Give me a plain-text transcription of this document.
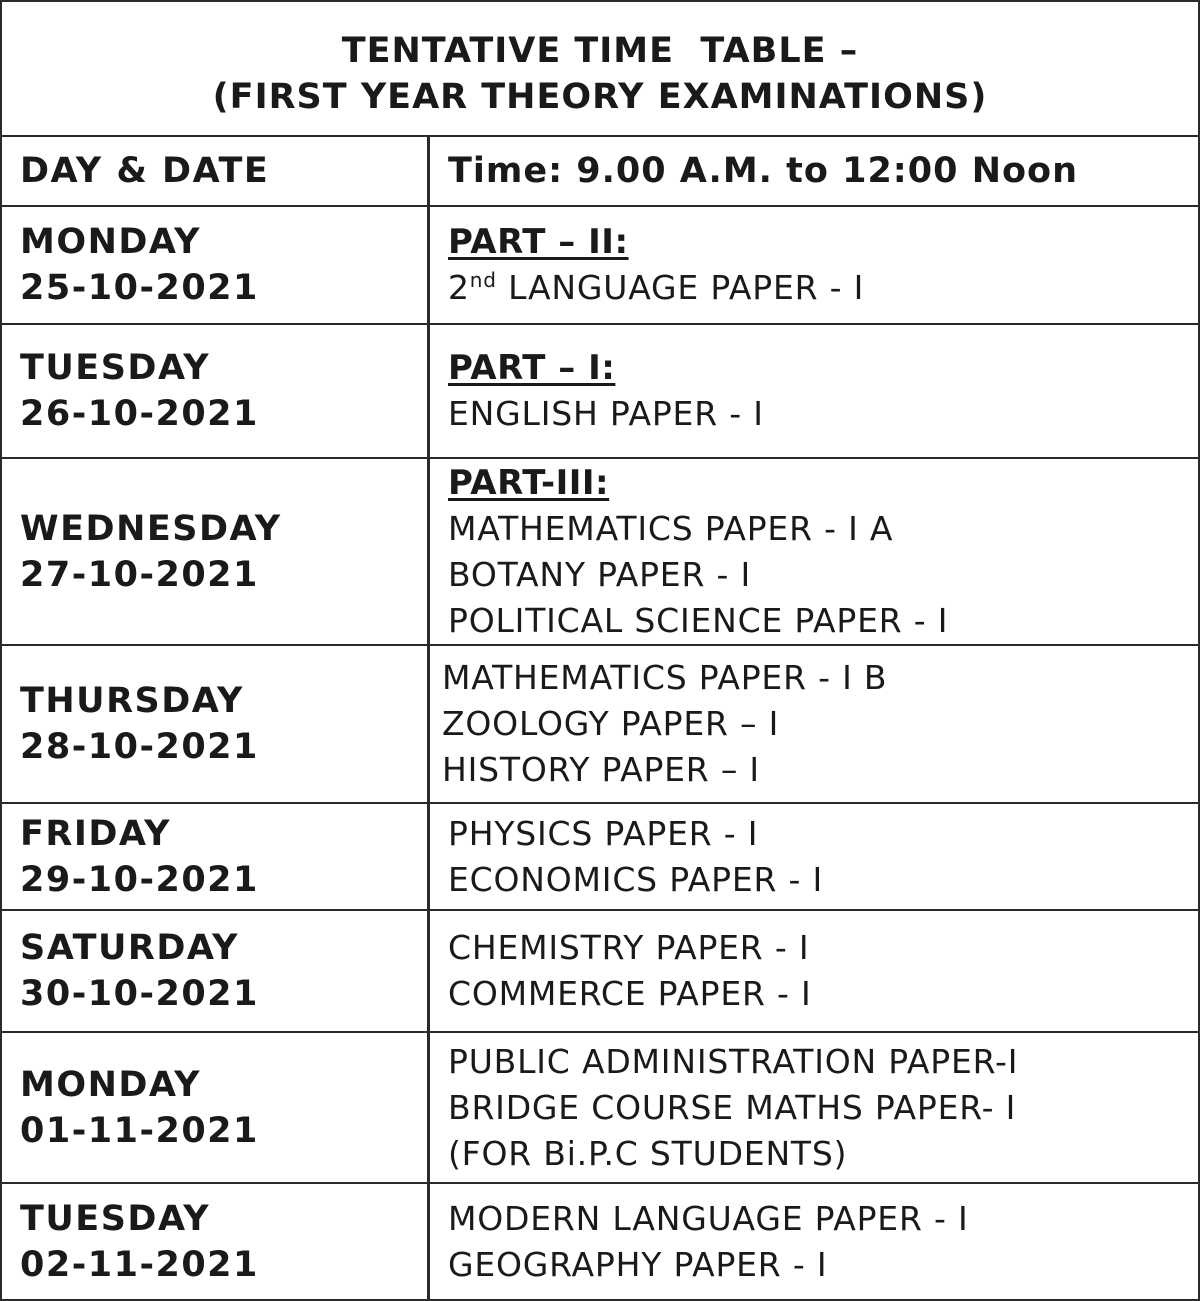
TENTATIVE TIME  TABLE –
(FIRST YEAR THEORY EXAMINATIONS)
DAY & DATE	Time: 9.00 A.M. to 12:00 Noon
MONDAY
25-10-2021
PART – II:
2nd LANGUAGE PAPER - I
TUESDAY
26-10-2021
PART – I:
ENGLISH PAPER - I
WEDNESDAY
27-10-2021
PART-III:
MATHEMATICS PAPER - I A
BOTANY PAPER - I
POLITICAL SCIENCE PAPER - I
THURSDAY
28-10-2021
MATHEMATICS PAPER - I B
ZOOLOGY PAPER – I
HISTORY PAPER – I
FRIDAY
29-10-2021
PHYSICS PAPER - I
ECONOMICS PAPER - I
SATURDAY
30-10-2021
CHEMISTRY PAPER - I
COMMERCE PAPER - I
MONDAY
01-11-2021
PUBLIC ADMINISTRATION PAPER-I
BRIDGE COURSE MATHS PAPER- I
(FOR Bi.P.C STUDENTS)
TUESDAY
02-11-2021
MODERN LANGUAGE PAPER - I
GEOGRAPHY PAPER - I
